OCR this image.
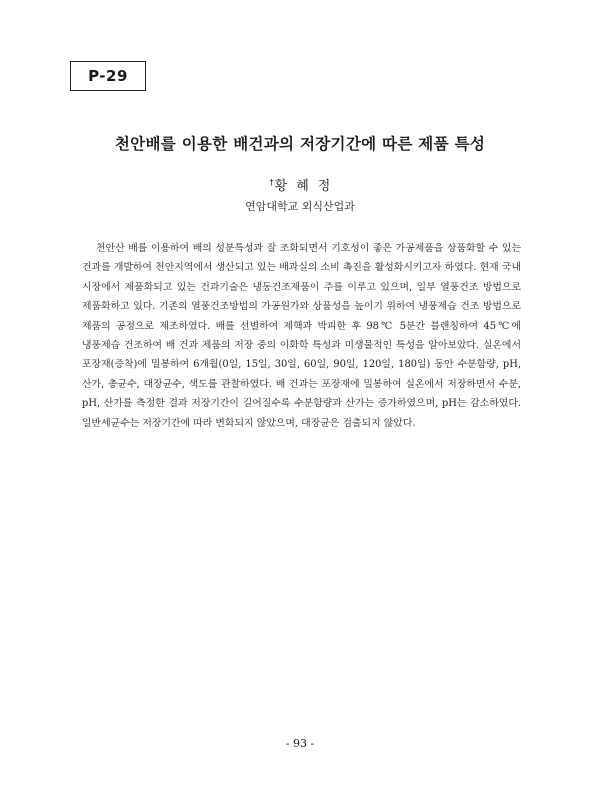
P-29
천안배를 이용한 배건과의 저장기간에 따른 제품 특성
†황혜정
연암대학교 외식산업과

천안산 배를 이용하여 배의 성분특성과 잘 조화되면서 기호성이 좋은 가공제품을 상품화할 수 있는 건과를 개발하여 천안지역에서 생산되고 있는 배과실의 소비 촉진을 활성화시키고자 하였다. 현재 국내 시장에서 제품화되고 있는 건과기술은 냉동건조제품이 주를 이루고 있으며, 일부 열풍건조 방법으로 제품화하고 있다. 기존의 열풍건조방법의 가공원가와 상품성을 높이기 위하여 냉풍제습 건조 방법으로 제품의 공정으로 제조하였다. 배를 선별하여 제핵과 박피한 후 98℃ 5분간 블랜칭하여 45℃에 냉풍제습 건조하여 배 건과 제품의 저장 중의 이화학 특성과 미생물적인 특성을 알아보았다. 실온에서 포장재(증착)에 밀봉하여 6개월(0일, 15일, 30일, 60일, 90일, 120일, 180일) 동안 수분함량, pH, 산가, 총균수, 대장균수, 색도를 관찰하였다. 배 건과는 포장재에 밀봉하여 실온에서 저장하면서 수분, pH, 산가를 측정한 결과 저장기간이 길어질수록 수분함량과 산가는 증가하였으며, pH는 감소하였다. 일반세균수는 저장기간에 따라 변화되지 않았으며, 대장균은 검출되지 않았다.

- 93 -
